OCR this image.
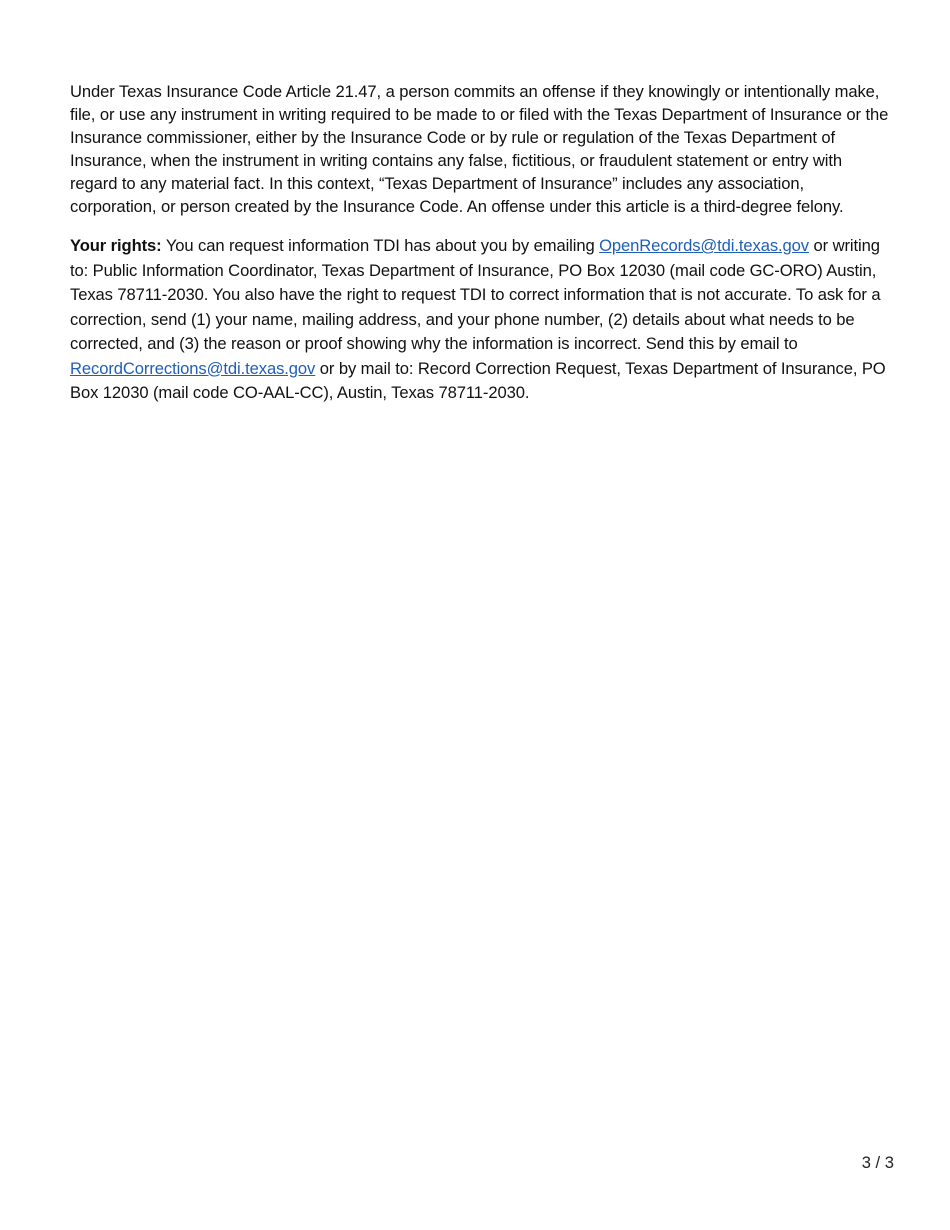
Under Texas Insurance Code Article 21.47, a person commits an offense if they knowingly or intentionally make, file, or use any instrument in writing required to be made to or filed with the Texas Department of Insurance or the Insurance commissioner, either by the Insurance Code or by rule or regulation of the Texas Department of Insurance, when the instrument in writing contains any false, fictitious, or fraudulent statement or entry with regard to any material fact. In this context, “Texas Department of Insurance” includes any association, corporation, or person created by the Insurance Code. An offense under this article is a third-degree felony.

Your rights: You can request information TDI has about you by emailing OpenRecords@tdi.texas.gov or writing to: Public Information Coordinator, Texas Department of Insurance, PO Box 12030 (mail code GC-ORO) Austin, Texas 78711-2030. You also have the right to request TDI to correct information that is not accurate. To ask for a correction, send (1) your name, mailing address, and your phone number, (2) details about what needs to be corrected, and (3) the reason or proof showing why the information is incorrect. Send this by email to RecordCorrections@tdi.texas.gov or by mail to: Record Correction Request, Texas Department of Insurance, PO Box 12030 (mail code CO-AAL-CC), Austin, Texas 78711-2030.

3 / 3
